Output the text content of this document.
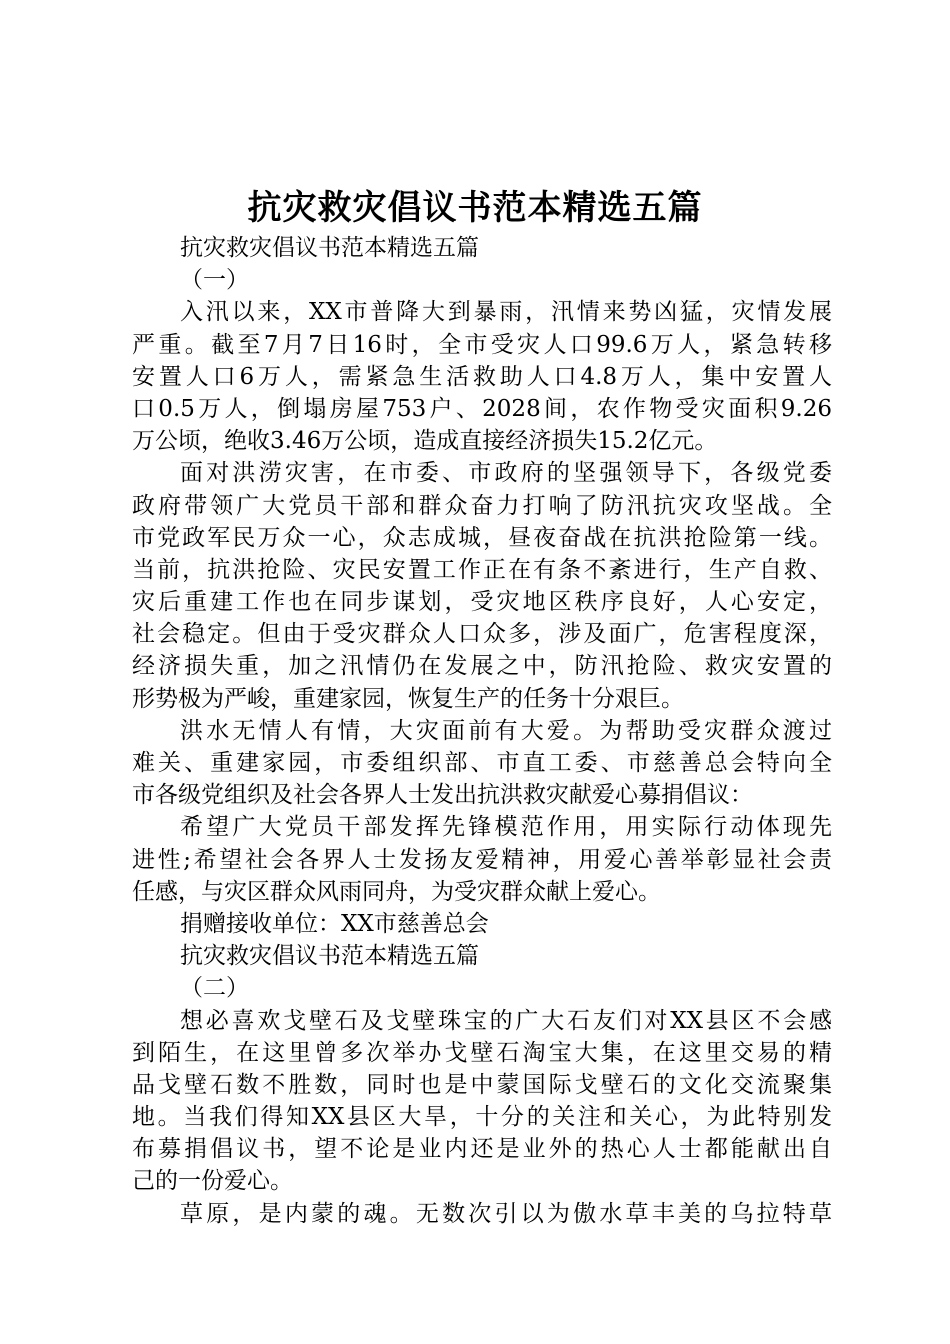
抗灾救灾倡议书范本精选五篇
抗灾救灾倡议书范本精选五篇
（一）
入汛以来，XX市普降大到暴雨，汛情来势凶猛，灾情发展
严重。截至7月7日16时，全市受灾人口99.6万人，紧急转移
安置人口6万人，需紧急生活救助人口4.8万人，集中安置人
口0.5万人，倒塌房屋753户、2028间，农作物受灾面积9.26
万公顷，绝收3.46万公顷，造成直接经济损失15.2亿元。
面对洪涝灾害，在市委、市政府的坚强领导下，各级党委
政府带领广大党员干部和群众奋力打响了防汛抗灾攻坚战。全
市党政军民万众一心，众志成城，昼夜奋战在抗洪抢险第一线。
当前，抗洪抢险、灾民安置工作正在有条不紊进行，生产自救、
灾后重建工作也在同步谋划，受灾地区秩序良好，人心安定，
社会稳定。但由于受灾群众人口众多，涉及面广，危害程度深，
经济损失重，加之汛情仍在发展之中，防汛抢险、救灾安置的
形势极为严峻，重建家园，恢复生产的任务十分艰巨。
洪水无情人有情，大灾面前有大爱。为帮助受灾群众渡过
难关、重建家园，市委组织部、市直工委、市慈善总会特向全
市各级党组织及社会各界人士发出抗洪救灾献爱心募捐倡议：
希望广大党员干部发挥先锋模范作用，用实际行动体现先
进性;希望社会各界人士发扬友爱精神，用爱心善举彰显社会责
任感，与灾区群众风雨同舟，为受灾群众献上爱心。
捐赠接收单位：XX市慈善总会
抗灾救灾倡议书范本精选五篇
（二）
想必喜欢戈壁石及戈壁珠宝的广大石友们对XX县区不会感
到陌生，在这里曾多次举办戈壁石淘宝大集，在这里交易的精
品戈壁石数不胜数，同时也是中蒙国际戈壁石的文化交流聚集
地。当我们得知XX县区大旱，十分的关注和关心，为此特别发
布募捐倡议书，望不论是业内还是业外的热心人士都能献出自
己的一份爱心。
草原，是内蒙的魂。无数次引以为傲水草丰美的乌拉特草
